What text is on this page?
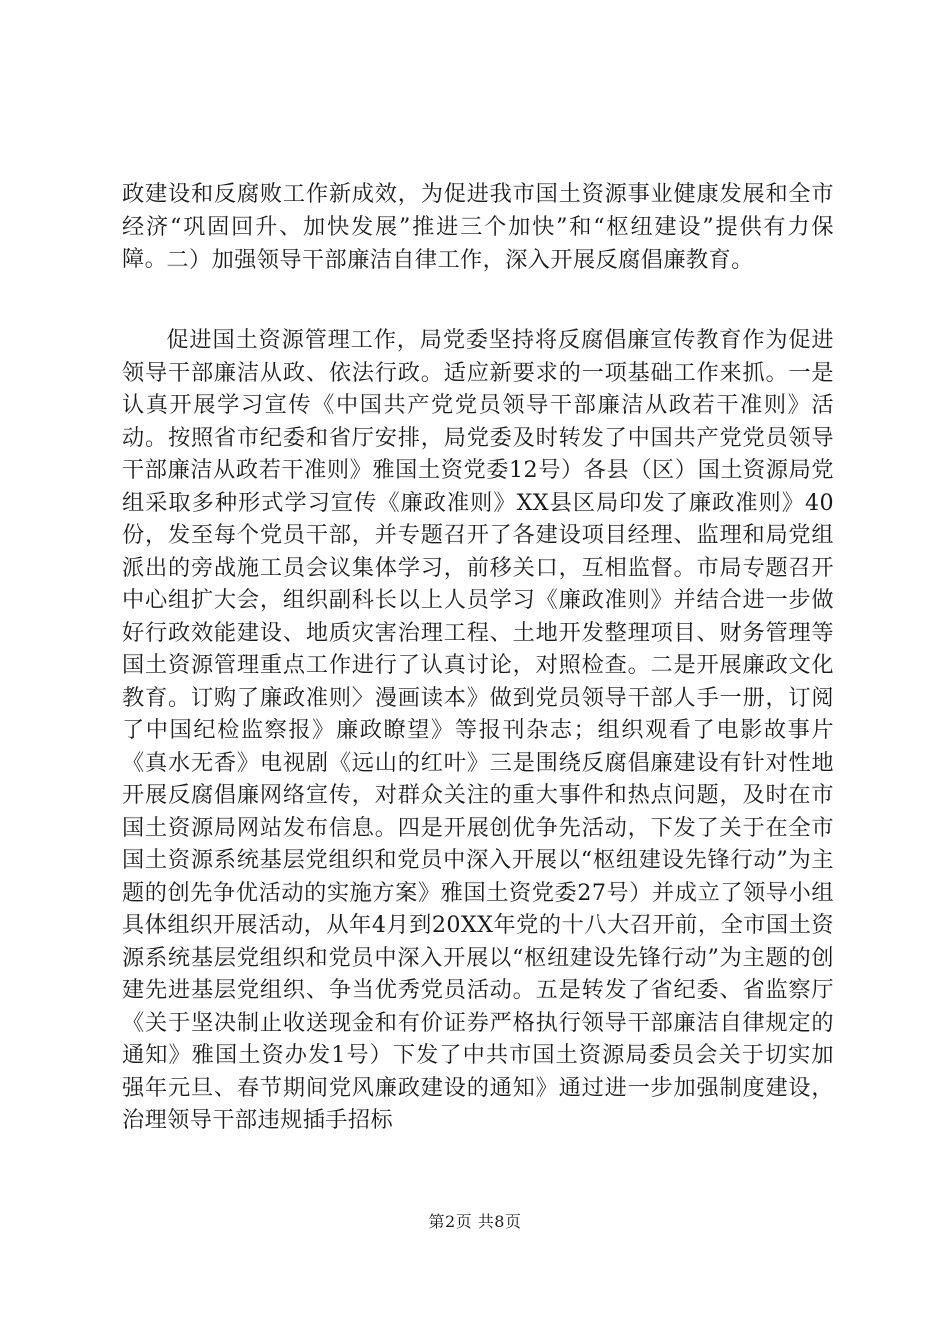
政建设和反腐败工作新成效，为促进我市国土资源事业健康发展和全市经济“巩固回升、加快发展”推进三个加快”和“枢纽建设”提供有力保障。 二）加强领导干部廉洁自律工作，深入开展反腐倡廉教育。

促进国土资源管理工作，局党委坚持将反腐倡廉宣传教育作为促进领导干部廉洁从政、依法行政。适应新要求的一项基础工作来抓。一是认真开展学习宣传《中国共产党党员领导干部廉洁从政若干准则》活动。按照省市纪委和省厅安排，局党委及时转发了中国共产党党员领导干部廉洁从政若干准则》雅国土资党委12号）各县（区）国土资源局党组采取多种形式学习宣传《廉政准则》XX县区局印发了廉政准则》40份，发至每个党员干部，并专题召开了各建设项目经理、监理和局党组派出的旁战施工员会议集体学习，前移关口，互相监督。市局专题召开中心组扩大会，组织副科长以上人员学习《廉政准则》并结合进一步做好行政效能建设、地质灾害治理工程、土地开发整理项目、财务管理等国土资源管理重点工作进行了认真讨论，对照检查。二是开展廉政文化教育。订购了廉政准则〉漫画读本》做到党员领导干部人手一册，订阅了中国纪检监察报》廉政瞭望》等报刊杂志；组织观看了电影故事片《真水无香》电视剧《远山的红叶》三是围绕反腐倡廉建设有针对性地开展反腐倡廉网络宣传，对群众关注的重大事件和热点问题，及时在市国土资源局网站发布信息。四是开展创优争先活动，下发了关于在全市国土资源系统基层党组织和党员中深入开展以“枢纽建设先锋行动”为主题的创先争优活动的实施方案》雅国土资党委27号）并成立了领导小组具体组织开展活动，从年4月到20XX年党的十八大召开前，全市国土资源系统基层党组织和党员中深入开展以“枢纽建设先锋行动”为主题的创建先进基层党组织、争当优秀党员活动。五是转发了省纪委、省监察厅《关于坚决制止收送现金和有价证券严格执行领导干部廉洁自律规定的通知》雅国土资办发1号）下发了中共市国土资源局委员会关于切实加强年元旦、春节期间党风廉政建设的通知》通过进一步加强制度建设，治理领导干部违规插手招标

第2页 共8页
